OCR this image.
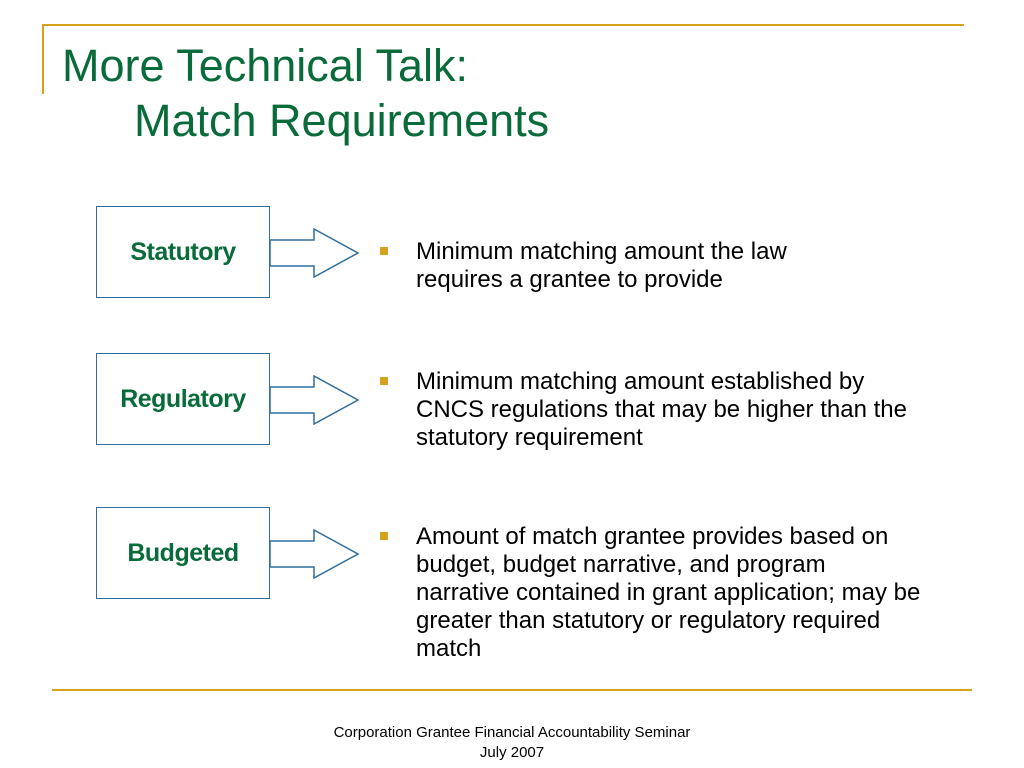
More Technical Talk:
Match Requirements
Statutory	Minimum matching amount the law requires a grantee to provide
Regulatory
Minimum matching amount established by CNCS regulations that may be higher than the statutory requirement
Budgeted
Amount of match grantee provides based on budget, budget narrative, and program narrative contained in grant application; may be greater than statutory or regulatory required match
Corporation Grantee Financial Accountability Seminar
July 2007
